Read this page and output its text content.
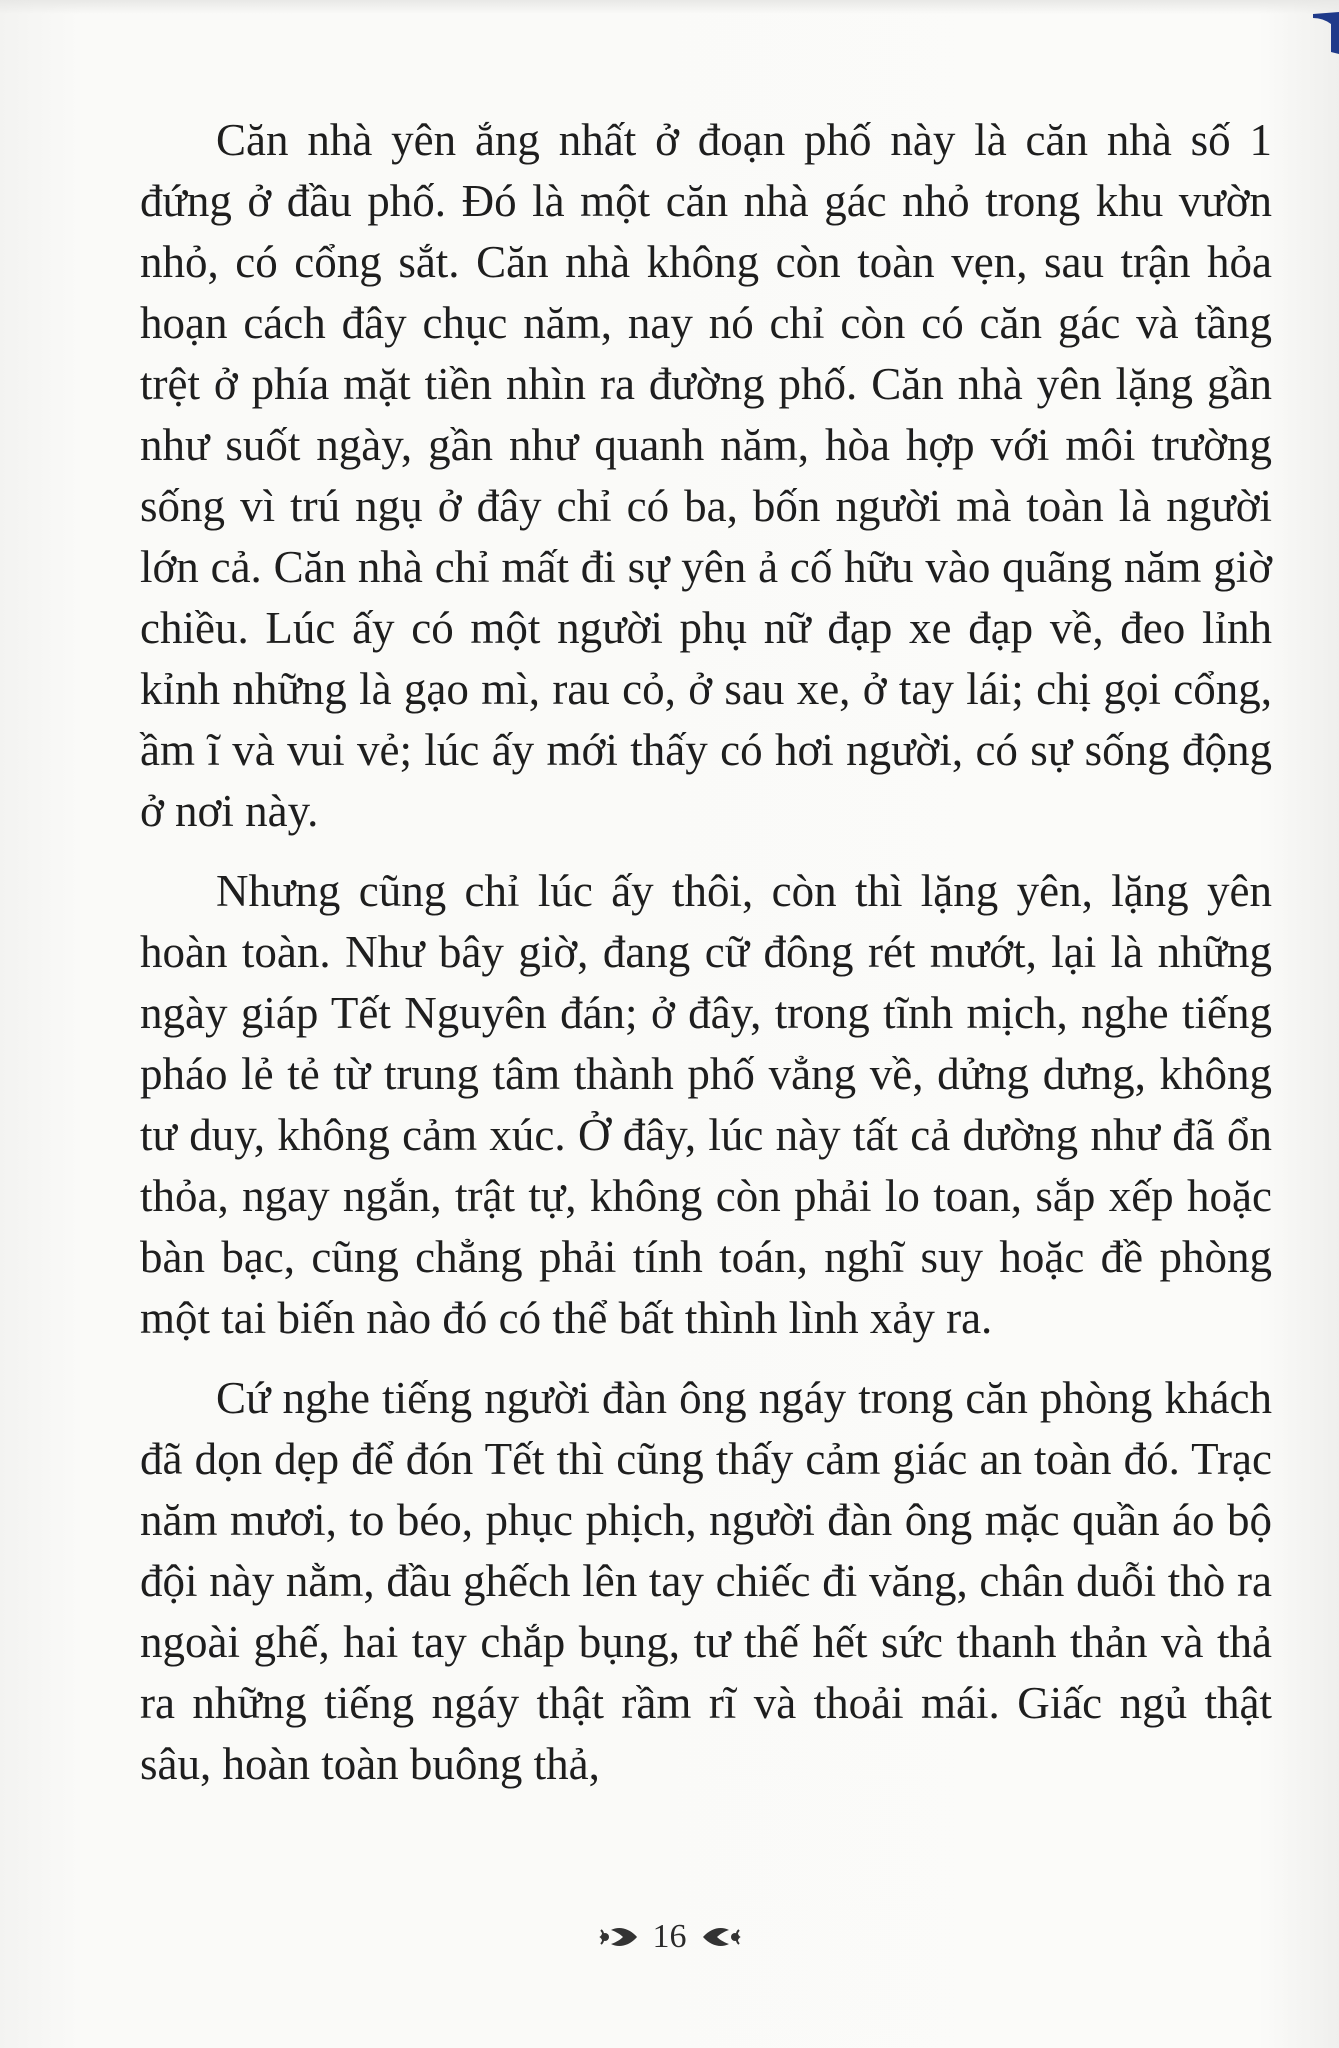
Căn nhà yên ắng nhất ở đoạn phố này là căn nhà số 1 đứng ở đầu phố. Đó là một căn nhà gác nhỏ trong khu vườn nhỏ, có cổng sắt. Căn nhà không còn toàn vẹn, sau trận hỏa hoạn cách đây chục năm, nay nó chỉ còn có căn gác và tầng trệt ở phía mặt tiền nhìn ra đường phố. Căn nhà yên lặng gần như suốt ngày, gần như quanh năm, hòa hợp với môi trường sống vì trú ngụ ở đây chỉ có ba, bốn người mà toàn là người lớn cả. Căn nhà chỉ mất đi sự yên ả cố hữu vào quãng năm giờ chiều. Lúc ấy có một người phụ nữ đạp xe đạp về, đeo lỉnh kỉnh những là gạo mì, rau cỏ, ở sau xe, ở tay lái; chị gọi cổng, ầm ĩ và vui vẻ; lúc ấy mới thấy có hơi người, có sự sống động ở nơi này.

Nhưng cũng chỉ lúc ấy thôi, còn thì lặng yên, lặng yên hoàn toàn. Như bây giờ, đang cữ đông rét mướt, lại là những ngày giáp Tết Nguyên đán; ở đây, trong tĩnh mịch, nghe tiếng pháo lẻ tẻ từ trung tâm thành phố vẳng về, dửng dưng, không tư duy, không cảm xúc. Ở đây, lúc này tất cả dường như đã ổn thỏa, ngay ngắn, trật tự, không còn phải lo toan, sắp xếp hoặc bàn bạc, cũng chẳng phải tính toán, nghĩ suy hoặc đề phòng một tai biến nào đó có thể bất thình lình xảy ra.

Cứ nghe tiếng người đàn ông ngáy trong căn phòng khách đã dọn dẹp để đón Tết thì cũng thấy cảm giác an toàn đó. Trạc năm mươi, to béo, phục phịch, người đàn ông mặc quần áo bộ đội này nằm, đầu ghếch lên tay chiếc đi văng, chân duỗi thò ra ngoài ghế, hai tay chắp bụng, tư thế hết sức thanh thản và thả ra những tiếng ngáy thật rầm rĩ và thoải mái. Giấc ngủ thật sâu, hoàn toàn buông thả,

16
